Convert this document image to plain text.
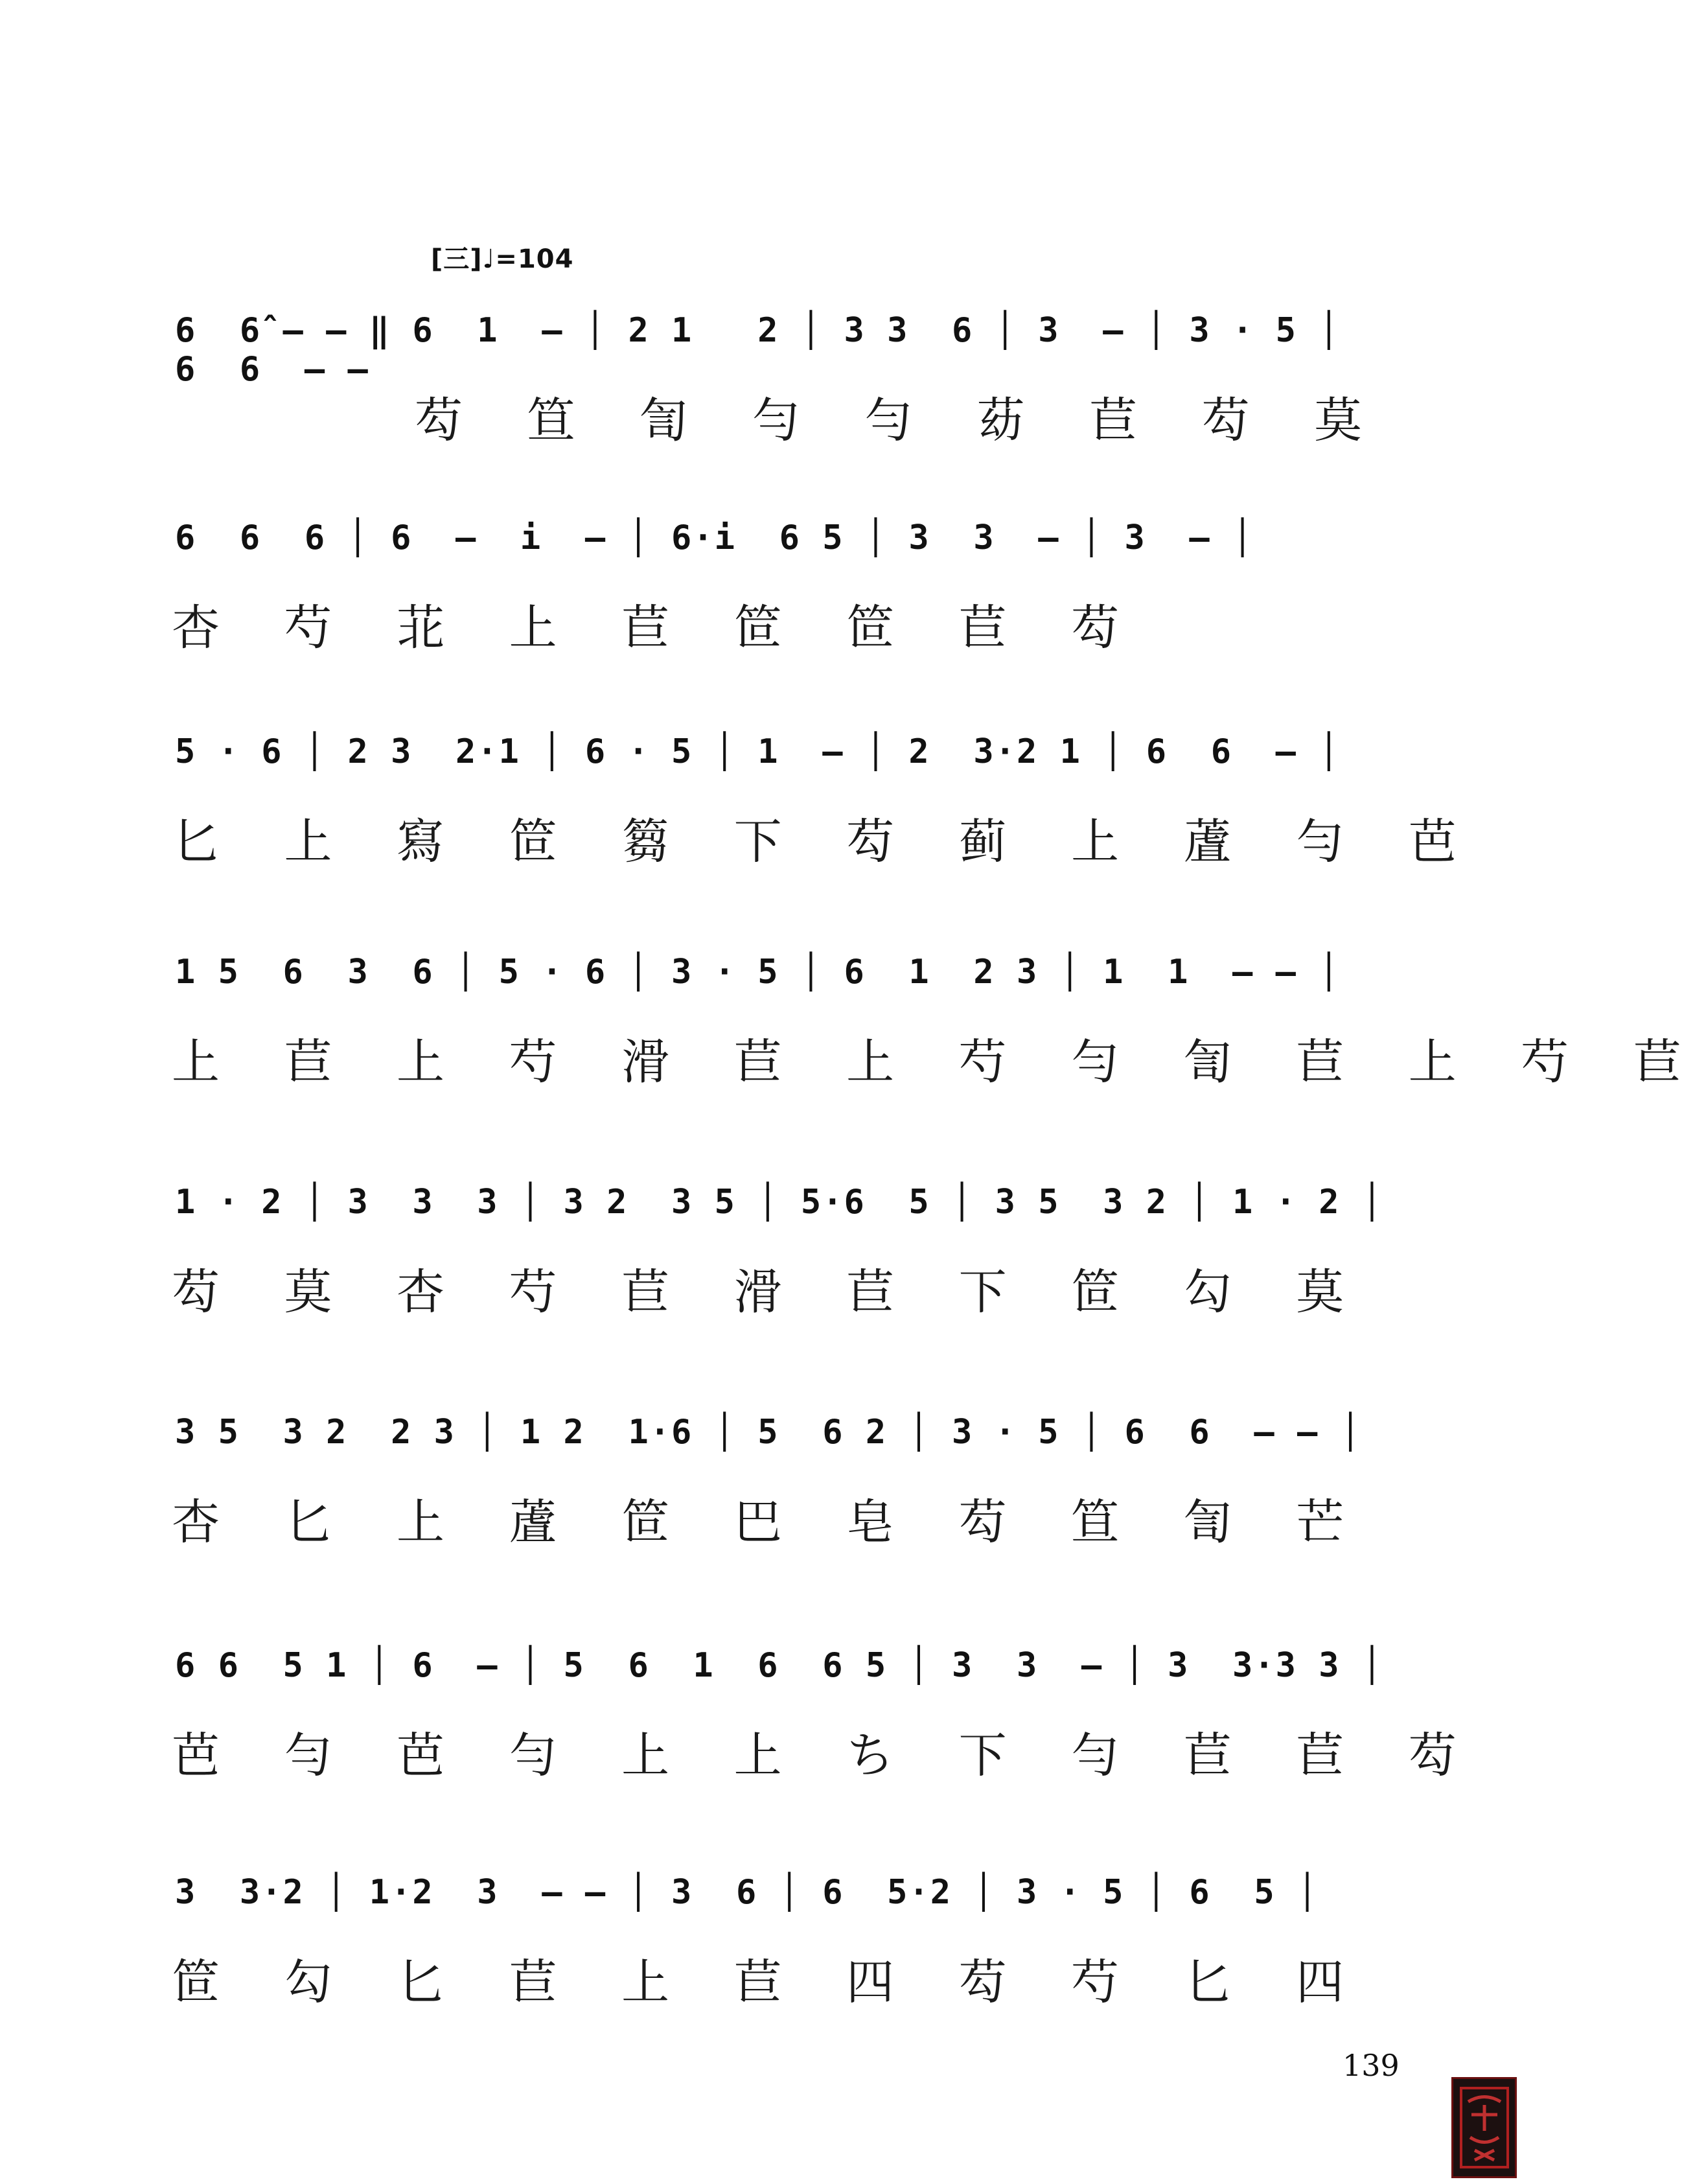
[三]♩=104
6  6̂ — — ‖ 6  1  — │ 2 1   2 │ 3 3  6 │ 3  — │ 3 · 5 │
6  6  — —
芶 笪 訇 勻 勻 苭 苣 芶 莫
6  6  6 │ 6  —  i  — │ 6·i  6 5 │ 3  3  — │ 3  — │
杏 芍 苝 上 苣 笸 笸 苣 芶
5 · 6 │ 2 3  2·1 │ 6 · 5 │ 1  — │ 2  3·2 1 │ 6  6  — │
匕 上 寫 笸 篘 下 芶 蓟 上 蔖 勻 芭
1 5  6  3  6 │ 5 · 6 │ 3 · 5 │ 6  1  2 3 │ 1  1  — — │
上 苣 上 芍 滑 苣 上 芍 勻 訇 苣 上 芍 苣
1 · 2 │ 3  3  3 │ 3 2  3 5 │ 5·6  5 │ 3 5  3 2 │ 1 · 2 │
芶 莫 杏 芍 苣 滑 苣 下 笸 勾 莫
3 5  3 2  2 3 │ 1 2  1·6 │ 5  6 2 │ 3 · 5 │ 6  6  — — │
杏 匕 上 蔖 笸 巴 皂 芶 笪 訇 芒
6 6  5 1 │ 6  — │ 5  6  1  6  6 5 │ 3  3  — │ 3  3·3 3 │
芭 勻 芭 勻 上 上 ち 下 勻 苣 苣 芶
3  3·2 │ 1·2  3  — — │ 3  6 │ 6  5·2 │ 3 · 5 │ 6  5 │
笸 勾 匕 苣 上 苣 四 芶 芍 匕 四
139
